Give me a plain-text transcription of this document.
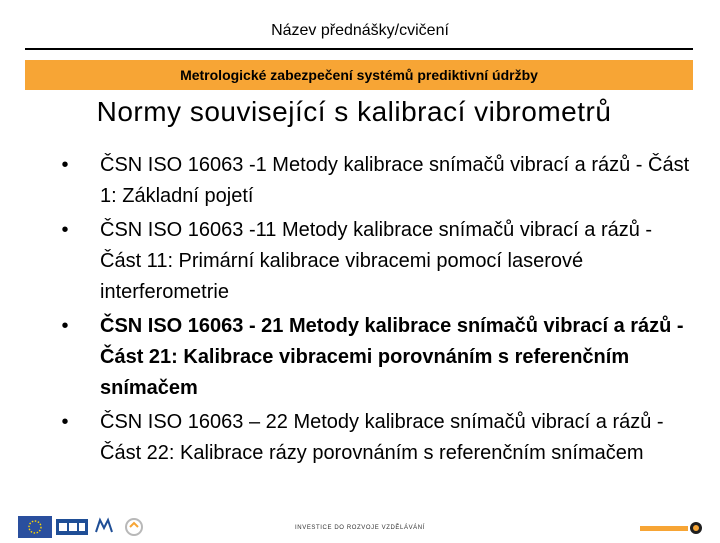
Název přednášky/cvičení
Metrologické zabezpečení systémů prediktivní údržby
Normy související s kalibrací vibrometrů
•	ČSN ISO 16063 -1 Metody kalibrace snímačů vibrací a rázů - Část 1: Základní pojetí
•	ČSN ISO 16063 -11 Metody kalibrace snímačů vibrací a rázů - Část 11: Primární kalibrace vibracemi pomocí laserové interferometrie
•	ČSN ISO 16063 - 21 Metody kalibrace snímačů vibrací a rázů - Část 21: Kalibrace vibracemi porovnáním s referenčním snímačem
•	ČSN ISO 16063 – 22 Metody kalibrace snímačů vibrací a rázů - Část 22: Kalibrace rázy porovnáním s referenčním snímačem
INVESTICE DO ROZVOJE VZDĚLÁVÁNÍ
